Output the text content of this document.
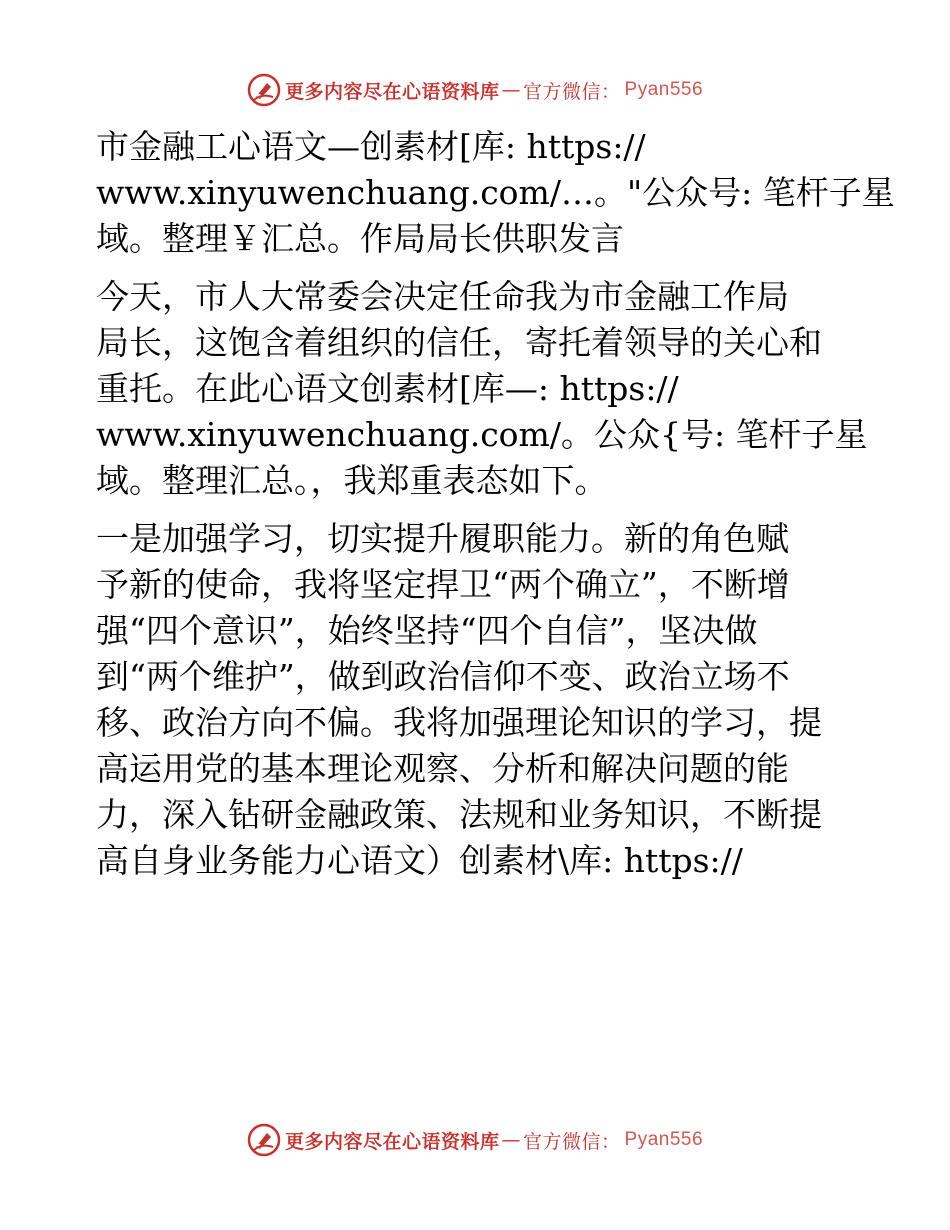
更多内容尽在心语资料库 — 官方微信 ： Pyan556
市金融工心语文—创素材[库: https://
www.xinyuwenchuang.com/…。"公众号: 笔杆子星
域。整理￥汇总。作局局长供职发言
今天，市人大常委会决定任命我为市金融工作局
局长，这饱含着组织的信任，寄托着领导的关心和
重托。在此心语文创素材[库—: https://
www.xinyuwenchuang.com/。公众{号: 笔杆子星
域。整理汇总。，我郑重表态如下。
一是加强学习，切实提升履职能力。新的角色赋
予新的使命，我将坚定捍卫“两个确立”，不断增
强“四个意识”，始终坚持“四个自信”，坚决做
到“两个维护”，做到政治信仰不变、政治立场不
移、政治方向不偏。我将加强理论知识的学习，提
高运用党的基本理论观察、分析和解决问题的能
力，深入钻研金融政策、法规和业务知识，不断提
高自身业务能力心语文）创素材\库: https://
更多内容尽在心语资料库 — 官方微信 ： Pyan556
